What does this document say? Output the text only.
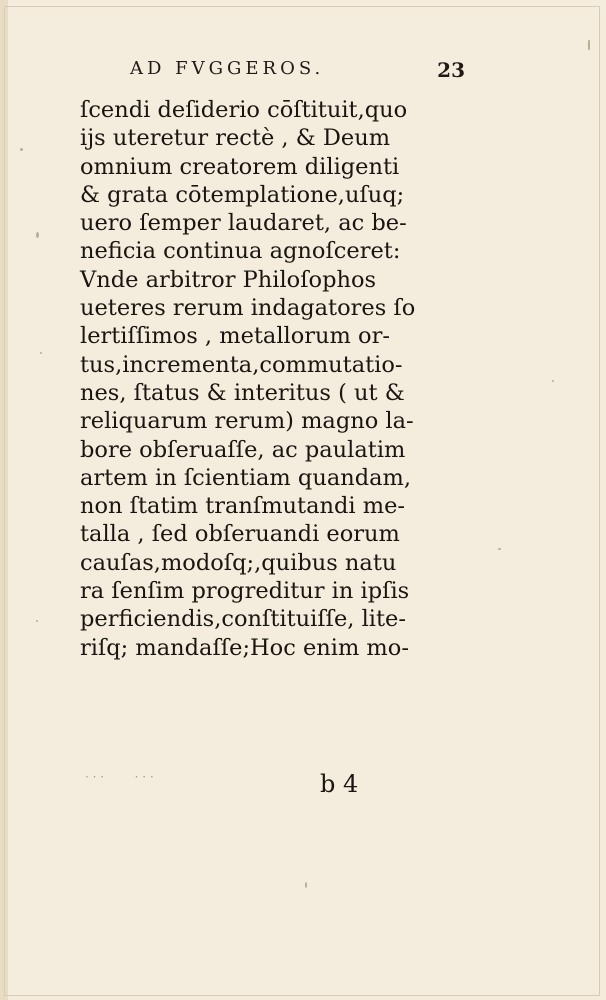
AD FVGGEROS.	23
ſcendi deſiderio cōſtituit,quo
ijs uteretur rectè , & Deum
omnium creatorem diligenti
& grata cōtemplatione,uſuq;
uero ſemper laudaret, ac be-
neficia continua agnoſceret:
Vnde arbitror Philoſophos
ueteres rerum indagatores ſo
lertiſſimos , metallorum or-
tus,incrementa,commutatio-
nes, ſtatus & interitus ( ut &
reliquarum rerum) magno la-
bore obſeruaſſe, ac paulatim
artem in ſcientiam quandam,
non ſtatim tranſmutandi me-
talla , ſed obſeruandi eorum
cauſas,modoſq;,quibus natu
ra ſenſim progreditur in ipſis
perficiendis,conſtituiſſe, lite-
riſq; mandaſſe;Hoc enim mo-
· · ·        · · ·	b 4
